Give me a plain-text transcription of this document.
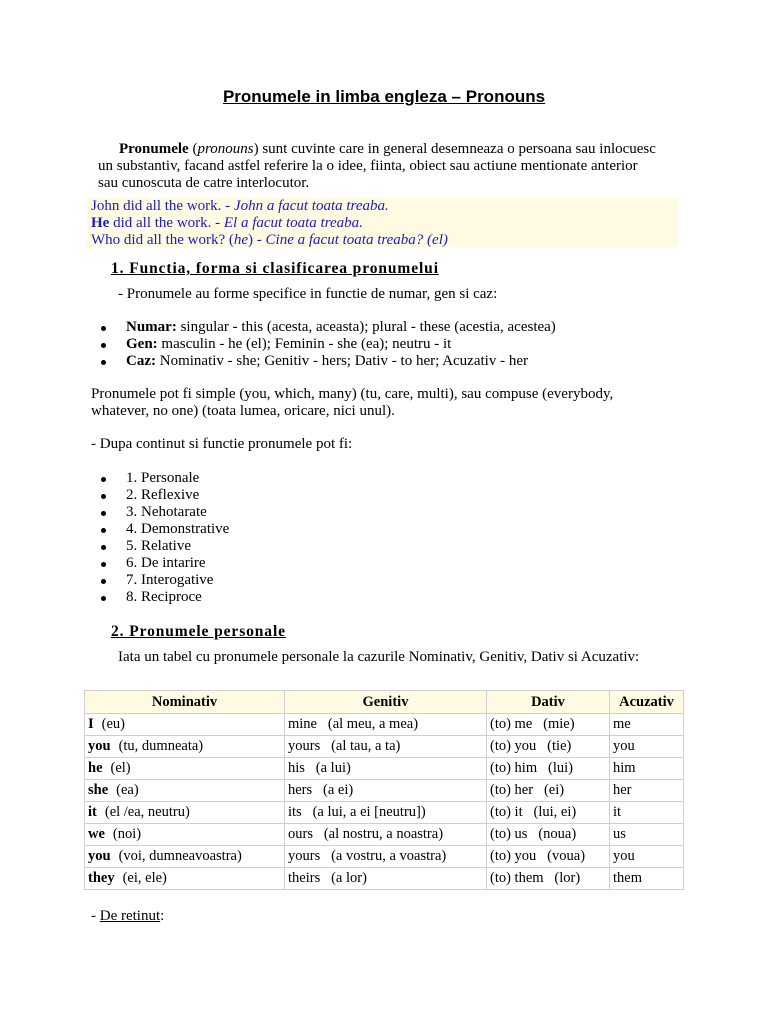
Pronumele in limba engleza – Pronouns
Pronumele (pronouns) sunt cuvinte care in general desemneaza o persoana sau inlocuesc
un substantiv, facand astfel referire la o idee, fiinta, obiect sau actiune mentionate anterior
sau cunoscuta de catre interlocutor.
John did all the work. - John a facut toata treaba.
He did all the work. - El a facut toata treaba.
Who did all the work? (he) - Cine a facut toata treaba? (el)
1. Functia, forma si clasificarea pronumelui
- Pronumele au forme specifice in functie de numar, gen si caz:
Numar: singular - this (acesta, aceasta); plural - these (acestia, acestea)
Gen: masculin - he (el); Feminin - she (ea); neutru - it
Caz: Nominativ - she; Genitiv - hers; Dativ - to her; Acuzativ - her
Pronumele pot fi simple (you, which, many) (tu, care, multi), sau compuse (everybody, whatever, no one) (toata lumea, oricare, nici unul).
- Dupa continut si functie pronumele pot fi:
1. Personale
2. Reflexive
3. Nehotarate
4. Demonstrative
5. Relative
6. De intarire
7. Interogative
8. Reciproce
2. Pronumele personale
Iata un tabel cu pronumele personale la cazurile Nominativ, Genitiv, Dativ si Acuzativ:
Nominativ	Genitiv	Dativ	Acuzativ
I (eu)	mine   (al meu, a mea)	(to) me   (mie)	me
you (tu, dumneata)	yours   (al tau, a ta)	(to) you   (tie)	you
he (el)	his   (a lui)	(to) him   (lui)	him
she (ea)	hers   (a ei)	(to) her   (ei)	her
it (el /ea, neutru)	its   (a lui, a ei [neutru])	(to) it   (lui, ei)	it
we (noi)	ours   (al nostru, a noastra)	(to) us   (noua)	us
you (voi, dumneavoastra)	yours   (a vostru, a voastra)	(to) you   (voua)	you
they (ei, ele)	theirs   (a lor)	(to) them   (lor)	them
- De retinut:
